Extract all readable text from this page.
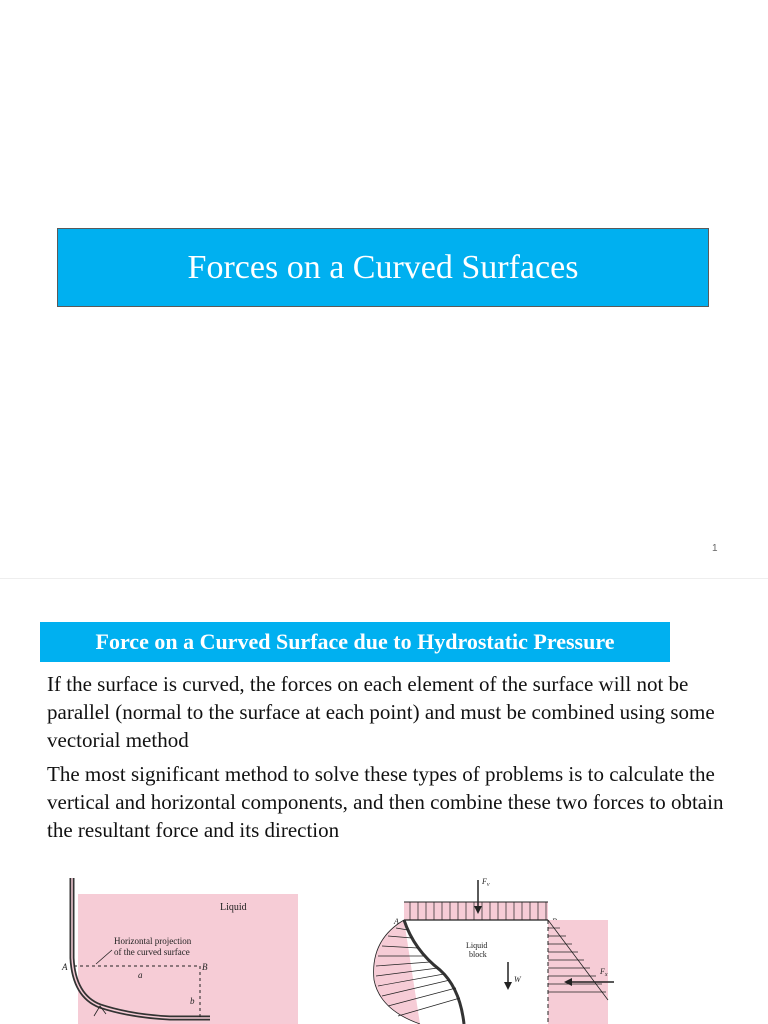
Forces on a Curved Surfaces
1
Force on a Curved Surface due to Hydrostatic Pressure

If the surface is curved, the forces on each element of the surface will not be parallel (normal to the surface at each point) and must be combined using some vectorial method

The most significant method to solve these types of problems is to calculate the vertical and horizontal components, and then combine these two forces to obtain the resultant force and its direction

Liquid
Horizontal projection
of the curved surface
A	B
a
b
$F_v$
A
$F_x$
Liquid
block
W
